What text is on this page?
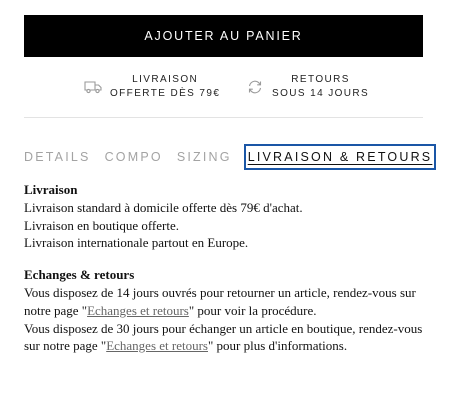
AJOUTER AU PANIER
LIVRAISON
OFFERTE DÈS 79€
RETOURS
SOUS 14 JOURS
DETAILS COMPO SIZING LIVRAISON & RETOURS
Livraison

Livraison standard à domicile offerte dès 79€ d'achat.

Livraison en boutique offerte.

Livraison internationale partout en Europe.

Echanges & retours

Vous disposez de 14 jours ouvrés pour retourner un article, rendez-vous sur notre page "Echanges et retours" pour voir la procédure.

Vous disposez de 30 jours pour échanger un article en boutique, rendez-vous sur notre page "Echanges et retours" pour plus d'informations.
